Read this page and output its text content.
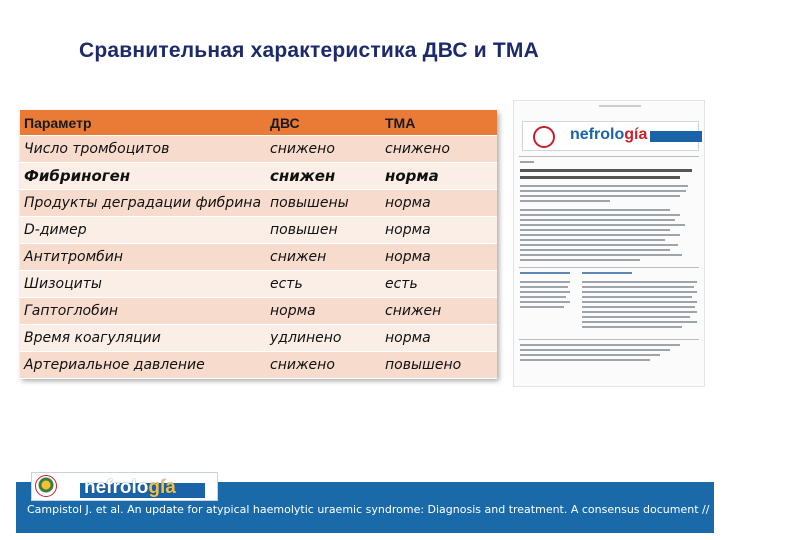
Сравнительная характеристика ДВС и ТМА
Параметр	ДВС	ТМА
Число тромбоцитов	снижено	снижено
Фибриноген	снижен	норма
Продукты деградации фибрина	повышены	норма
D-димер	повышен	норма
Антитромбин	снижен	норма
Шизоциты	есть	есть
Гаптоглобин	норма	снижен
Время коагуляции	удлинено	норма
Артериальное давление	снижено	повышено
nefrología
nefrología
Campistol J. et al. An update for atypical haemolytic uraemic syndrome: Diagnosis and treatment. A consensus document // Nefrologia, 2015.
